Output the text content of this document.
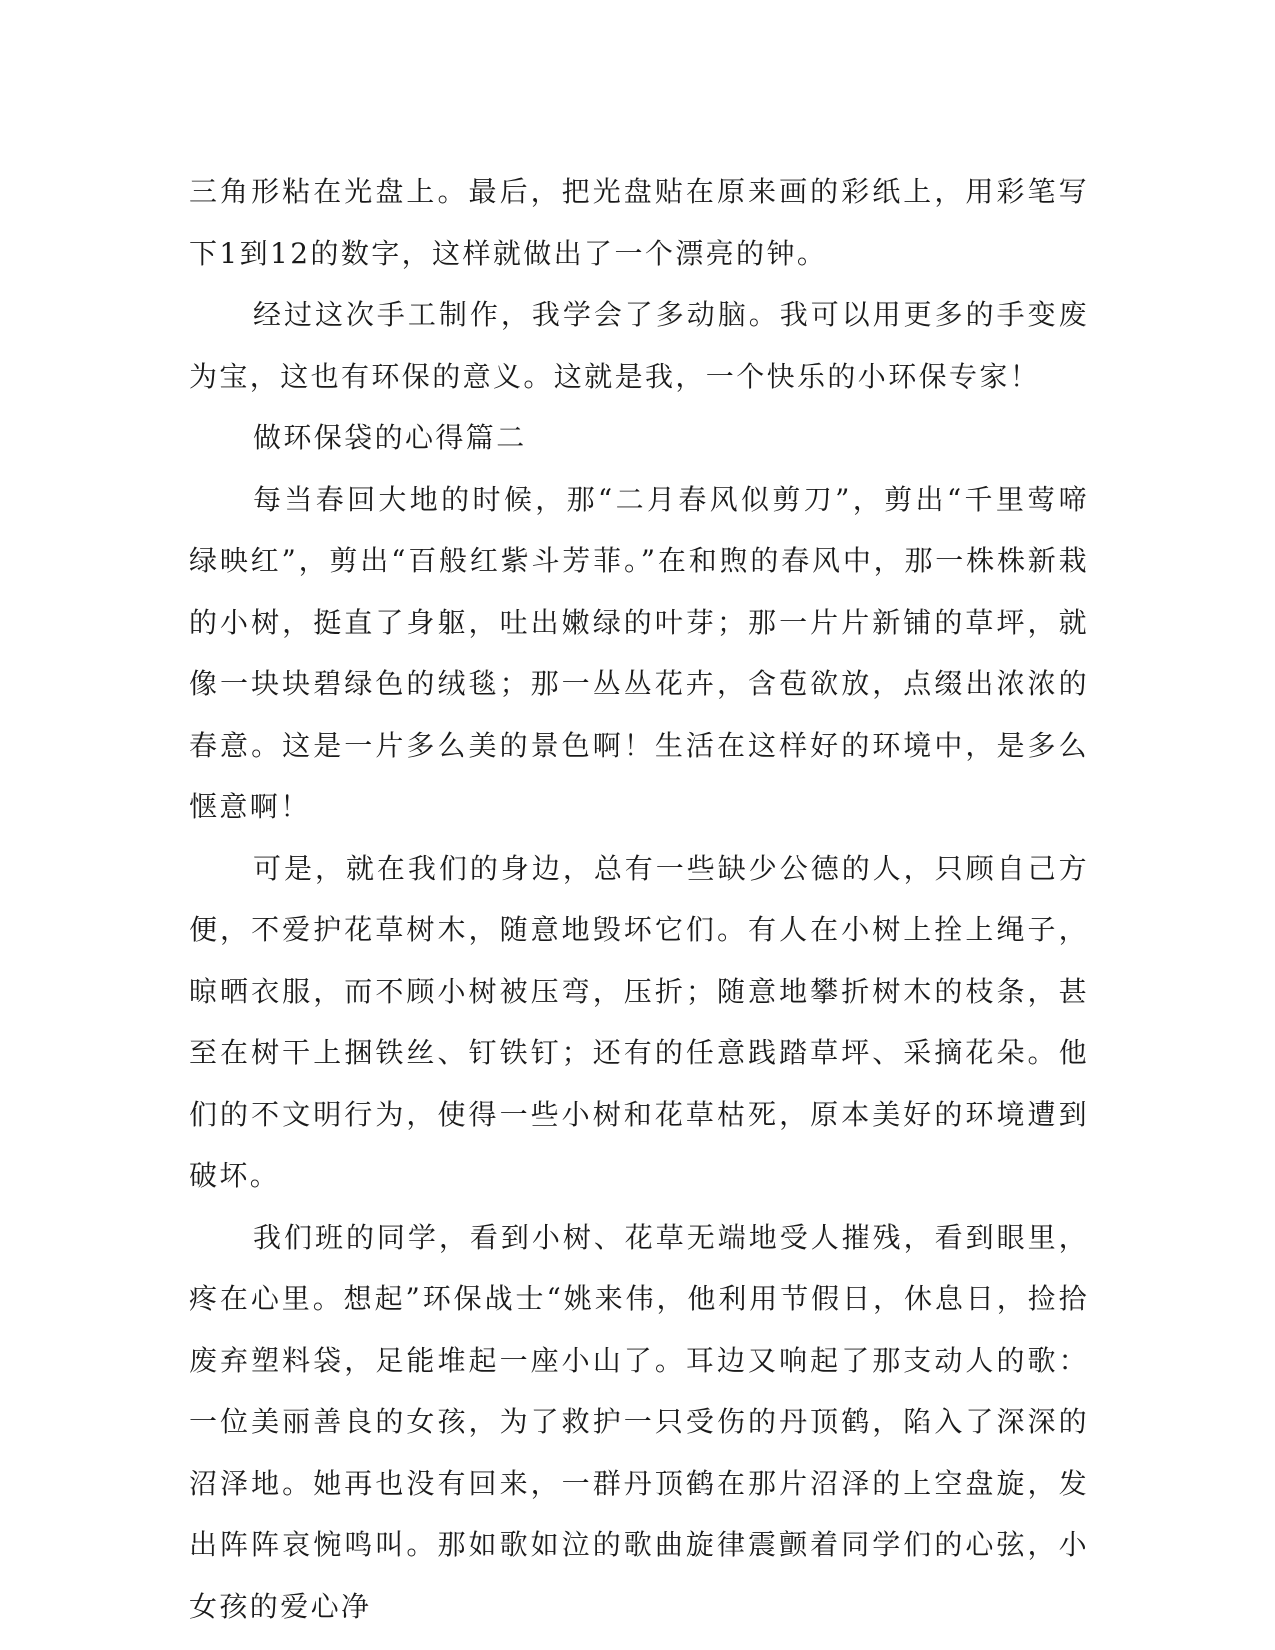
三角形粘在光盘上。最后，把光盘贴在原来画的彩纸上，用彩笔写下1到12的数字，这样就做出了一个漂亮的钟。

经过这次手工制作，我学会了多动脑。我可以用更多的手变废为宝，这也有环保的意义。这就是我，一个快乐的小环保专家！

做环保袋的心得篇二

每当春回大地的时候，那“二月春风似剪刀”，剪出“千里莺啼绿映红”，剪出“百般红紫斗芳菲。”在和煦的春风中，那一株株新栽的小树，挺直了身躯，吐出嫩绿的叶芽；那一片片新铺的草坪，就像一块块碧绿色的绒毯；那一丛丛花卉，含苞欲放，点缀出浓浓的春意。这是一片多么美的景色啊！生活在这样好的环境中，是多么惬意啊！

可是，就在我们的身边，总有一些缺少公德的人，只顾自己方便，不爱护花草树木，随意地毁坏它们。有人在小树上拴上绳子，晾晒衣服，而不顾小树被压弯，压折；随意地攀折树木的枝条，甚至在树干上捆铁丝、钉铁钉；还有的任意践踏草坪、采摘花朵。他们的不文明行为，使得一些小树和花草枯死，原本美好的环境遭到破坏。

我们班的同学，看到小树、花草无端地受人摧残，看到眼里，疼在心里。想起”环保战士“姚来伟，他利用节假日，休息日，捡拾废弃塑料袋，足能堆起一座小山了。耳边又响起了那支动人的歌：一位美丽善良的女孩，为了救护一只受伤的丹顶鹤，陷入了深深的沼泽地。她再也没有回来，一群丹顶鹤在那片沼泽的上空盘旋，发出阵阵哀惋鸣叫。那如歌如泣的歌曲旋律震颤着同学们的心弦，小女孩的爱心净
